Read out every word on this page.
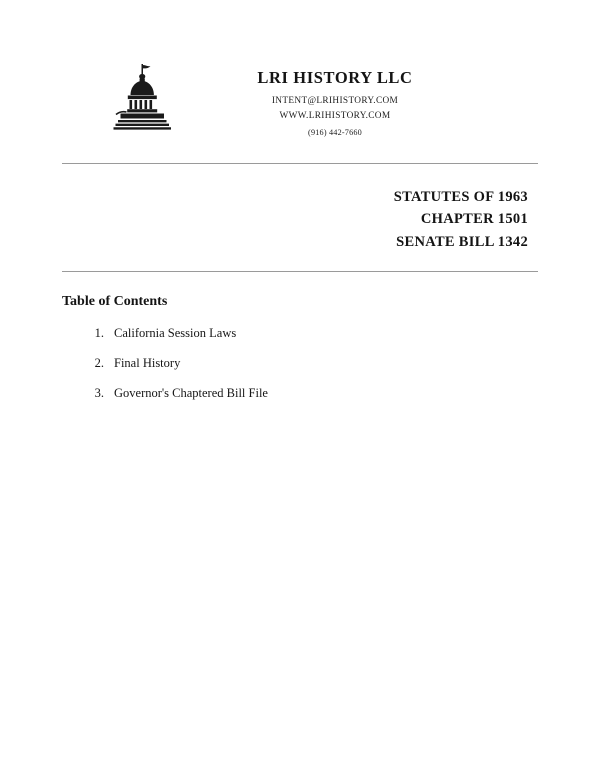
LRI HISTORY LLC
INTENT@LRIHISTORY.COM
WWW.LRIHISTORY.COM
(916) 442-7660
STATUTES OF 1963
CHAPTER 1501
SENATE BILL 1342
Table of Contents
1. California Session Laws
2. Final History
3. Governor's Chaptered Bill File
